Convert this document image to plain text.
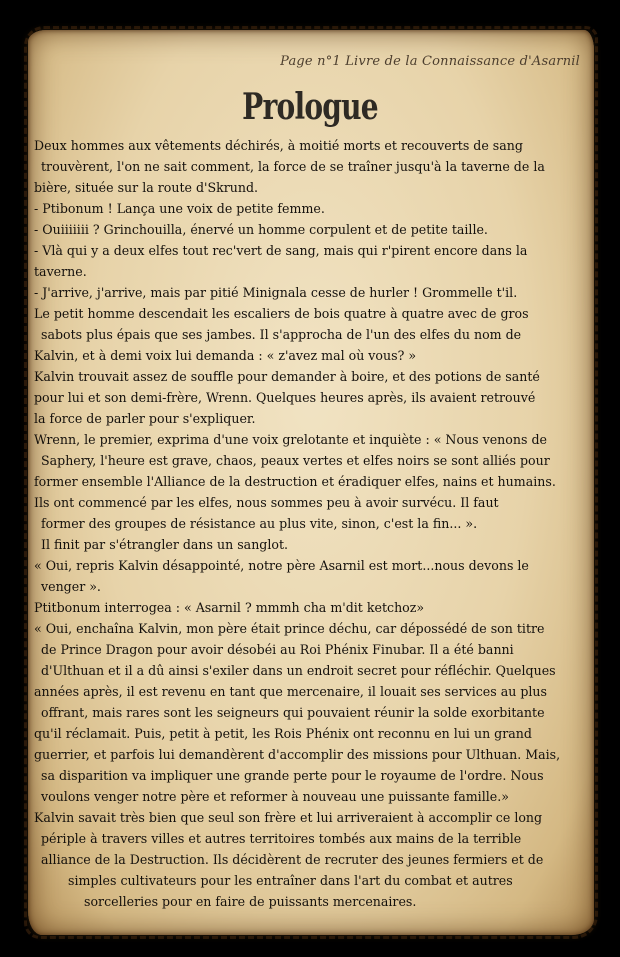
Page n°1 Livre de la Connaissance d'Asarnil
Prologue
Deux hommes aux vêtements déchirés, à moitié morts et recouverts de sang
trouvèrent, l'on ne sait comment, la force de se traîner jusqu'à la taverne de la
bière, située sur la route d'Skrund.
- Ptibonum ! Lança une voix de petite femme.
- Ouiiiiiii ? Grinchouilla, énervé un homme corpulent et de petite taille.
- Vlà qui y a deux elfes tout rec'vert de sang, mais qui r'pirent encore dans la
taverne.
- J'arrive, j'arrive, mais par pitié Minignala cesse de hurler ! Grommelle t'il.
Le petit homme descendait les escaliers de bois quatre à quatre avec de gros
sabots plus épais que ses jambes. Il s'approcha de l'un des elfes du nom de
Kalvin, et à demi voix lui demanda : « z'avez mal où vous? »
Kalvin trouvait assez de souffle pour demander à boire, et des potions de santé
pour lui et son demi-frère, Wrenn. Quelques heures après, ils avaient retrouvé
la force de parler pour s'expliquer.
Wrenn, le premier, exprima d'une voix grelotante et inquiète : « Nous venons de
Saphery, l'heure est grave, chaos, peaux vertes et elfes noirs se sont alliés pour
former ensemble l'Alliance de la destruction et éradiquer elfes, nains et humains.
Ils ont commencé par les elfes, nous sommes peu à avoir survécu. Il faut
former des groupes de résistance au plus vite, sinon, c'est la fin... ».
Il finit par s'étrangler dans un sanglot.
« Oui, repris Kalvin désappointé, notre père Asarnil est mort...nous devons le
venger ».
Ptitbonum interrogea : « Asarnil ? mmmh cha m'dit ketchoz»
« Oui, enchaîna Kalvin, mon père était prince déchu, car dépossédé de son titre
de Prince Dragon pour avoir désobéi au Roi Phénix Finubar. Il a été banni
d'Ulthuan et il a dû ainsi s'exiler dans un endroit secret pour réfléchir. Quelques
années après, il est revenu en tant que mercenaire, il louait ses services au plus
offrant, mais rares sont les seigneurs qui pouvaient réunir la solde exorbitante
qu'il réclamait. Puis, petit à petit, les Rois Phénix ont reconnu en lui un grand
guerrier, et parfois lui demandèrent d'accomplir des missions pour Ulthuan. Mais,
sa disparition va impliquer une grande perte pour le royaume de l'ordre. Nous
voulons venger notre père et reformer à nouveau une puissante famille.»
Kalvin savait très bien que seul son frère et lui arriveraient à accomplir ce long
périple à travers villes et autres territoires tombés aux mains de la terrible
alliance de la Destruction. Ils décidèrent de recruter des jeunes fermiers et de
simples cultivateurs pour les entraîner dans l'art du combat et autres
sorcelleries pour en faire de puissants mercenaires.
